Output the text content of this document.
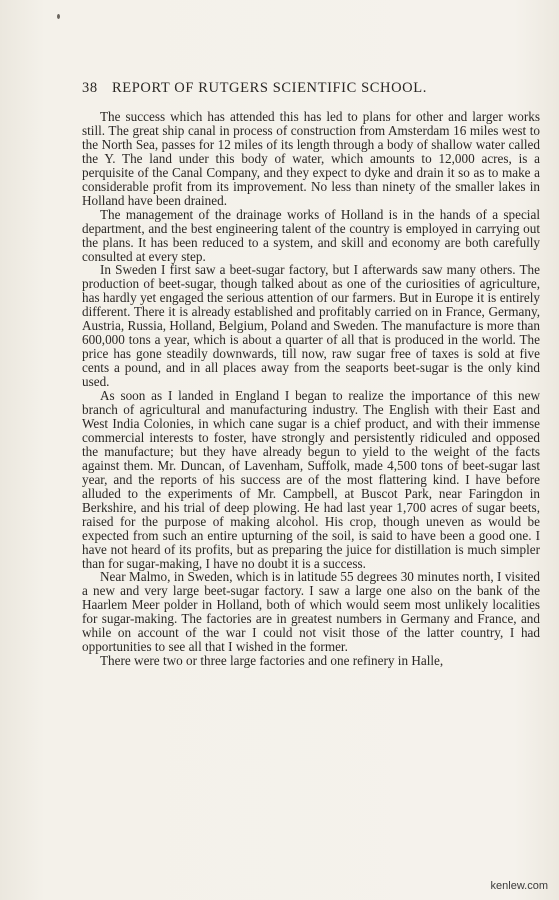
38 REPORT OF RUTGERS SCIENTIFIC SCHOOL.

The success which has attended this has led to plans for other and larger works still. The great ship canal in process of construction from Amsterdam 16 miles west to the North Sea, passes for 12 miles of its length through a body of shallow water called the Y. The land under this body of water, which amounts to 12,000 acres, is a perquisite of the Canal Company, and they expect to dyke and drain it so as to make a considerable profit from its improvement. No less than ninety of the smaller lakes in Holland have been drained.

The management of the drainage works of Holland is in the hands of a special department, and the best engineering talent of the country is employed in carrying out the plans. It has been reduced to a system, and skill and economy are both carefully consulted at every step.

In Sweden I first saw a beet-sugar factory, but I afterwards saw many others. The production of beet-sugar, though talked about as one of the curiosities of agriculture, has hardly yet engaged the serious attention of our farmers. But in Europe it is entirely different. There it is already established and profitably carried on in France, Germany, Austria, Russia, Holland, Belgium, Poland and Sweden. The manufacture is more than 600,000 tons a year, which is about a quarter of all that is produced in the world. The price has gone steadily downwards, till now, raw sugar free of taxes is sold at five cents a pound, and in all places away from the seaports beet-sugar is the only kind used.

As soon as I landed in England I began to realize the importance of this new branch of agricultural and manufacturing industry. The English with their East and West India Colonies, in which cane sugar is a chief product, and with their immense commercial interests to foster, have strongly and persistently ridiculed and opposed the manufacture; but they have already begun to yield to the weight of the facts against them. Mr. Duncan, of Lavenham, Suffolk, made 4,500 tons of beet-sugar last year, and the reports of his success are of the most flattering kind. I have before alluded to the experiments of Mr. Campbell, at Buscot Park, near Faringdon in Berkshire, and his trial of deep plowing. He had last year 1,700 acres of sugar beets, raised for the purpose of making alcohol. His crop, though uneven as would be expected from such an entire upturning of the soil, is said to have been a good one. I have not heard of its profits, but as preparing the juice for distillation is much simpler than for sugar-making, I have no doubt it is a success.

Near Malmo, in Sweden, which is in latitude 55 degrees 30 minutes north, I visited a new and very large beet-sugar factory. I saw a large one also on the bank of the Haarlem Meer polder in Holland, both of which would seem most unlikely localities for sugar-making. The factories are in greatest numbers in Germany and France, and while on account of the war I could not visit those of the latter country, I had opportunities to see all that I wished in the former.

There were two or three large factories and one refinery in Halle,

kenlew.com
